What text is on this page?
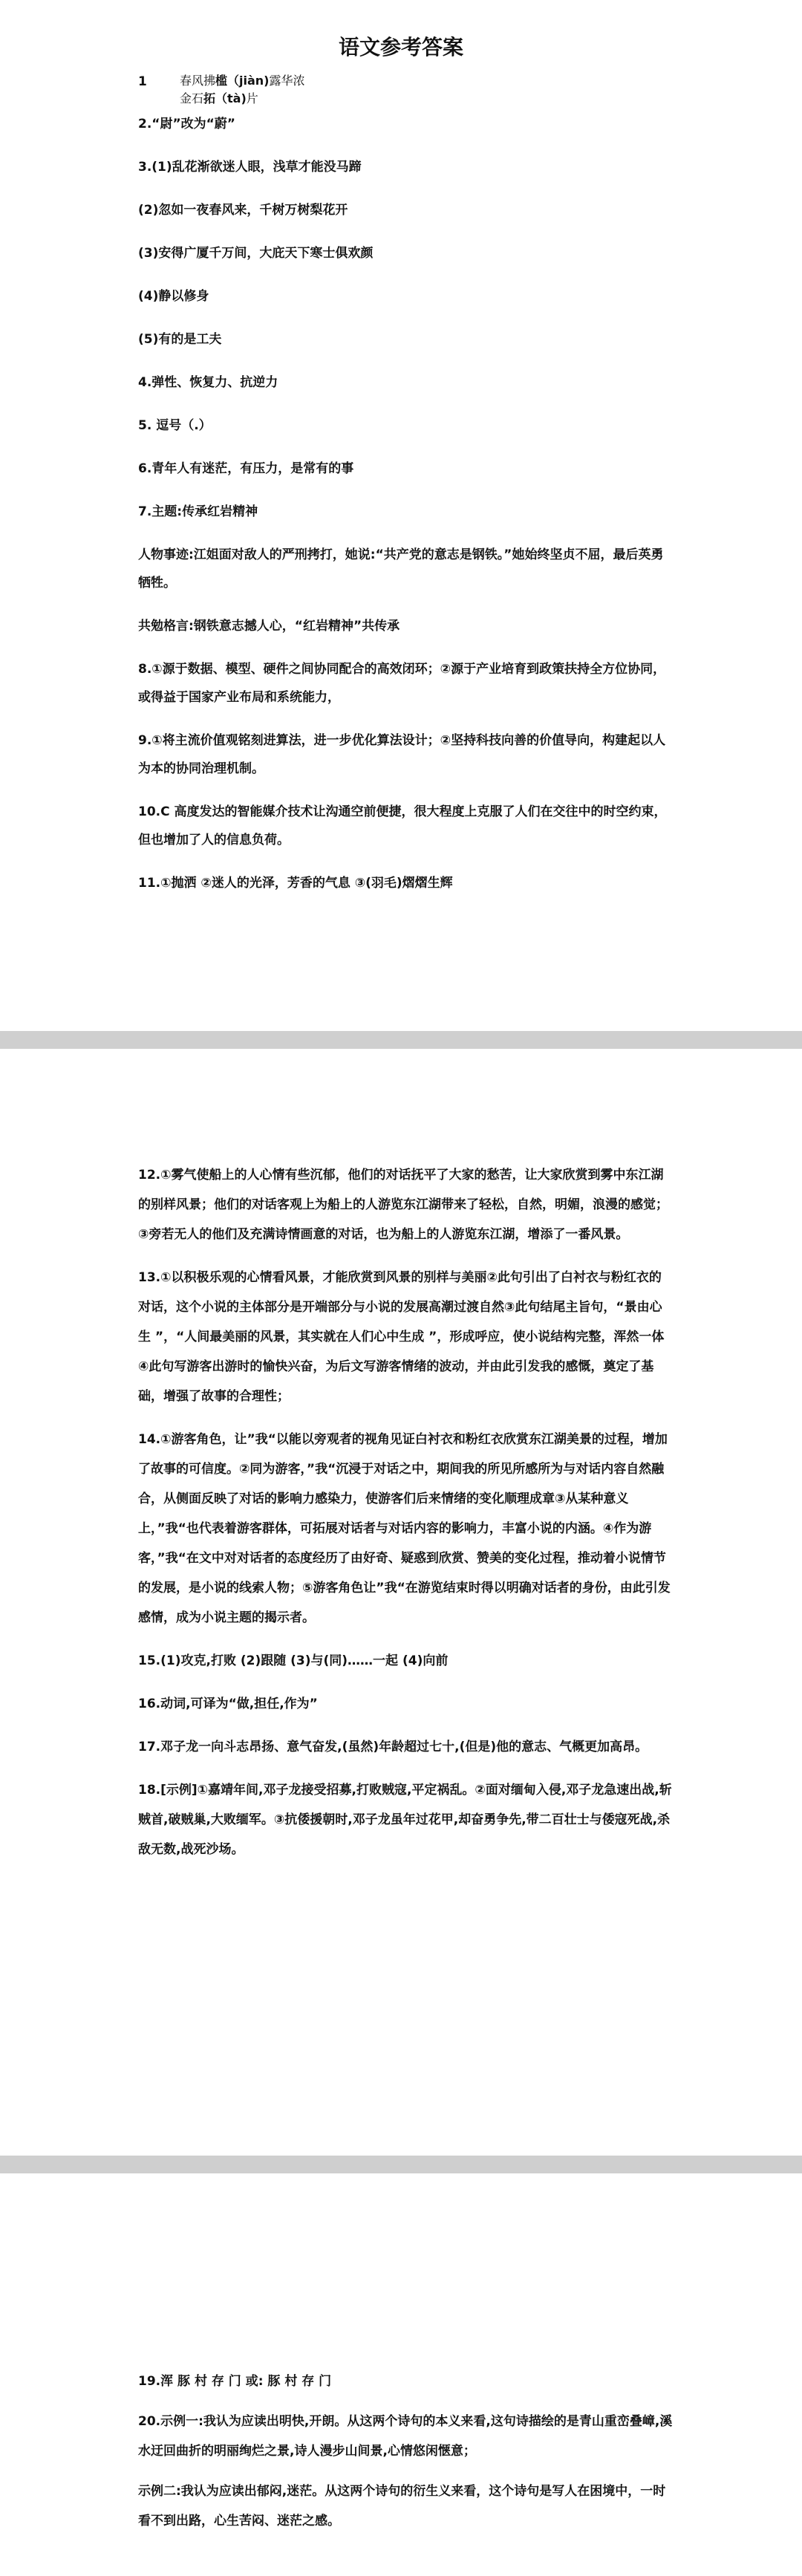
语文参考答案
1	春风拂槛（jiàn)露华浓
金石拓（tà)片

2.“尉”改为“蔚”

3.(1)乱花渐欲迷人眼，浅草才能没马蹄

(2)忽如一夜春风来，千树万树梨花开

(3)安得广厦千万间，大庇天下寒士俱欢颜

(4)静以修身

(5)有的是工夫

4.弹性、恢复力、抗逆力

5. 逗号（.）

6.青年人有迷茫，有压力，是常有的事

7.主题:传承红岩精神

人物事迹:江姐面对敌人的严刑拷打，她说:“共产党的意志是钢铁。”她始终坚贞不屈，最后英勇牺牲。

共勉格言:钢铁意志撼人心，“红岩精神”共传承

8.①源于数据、模型、硬件之间协同配合的高效闭环；②源于产业培育到政策扶持全方位协同，或得益于国家产业布局和系统能力，

9.①将主流价值观铭刻进算法，进一步优化算法设计；②坚持科技向善的价值导向，构建起以人为本的协同治理机制。

10.C 高度发达的智能媒介技术让沟通空前便捷，很大程度上克服了人们在交往中的时空约束，但也增加了人的信息负荷。

11.①抛洒 ②迷人的光泽，芳香的气息 ③(羽毛)熠熠生辉

12.①雾气使船上的人心情有些沉郁，他们的对话抚平了大家的愁苦，让大家欣赏到雾中东江湖的别样风景；他们的对话客观上为船上的人游览东江湖带来了轻松，自然，明媚，浪漫的感觉；③旁若无人的他们及充满诗情画意的对话，也为船上的人游览东江湖，增添了一番风景。

13.①以积极乐观的心情看风景，才能欣赏到风景的别样与美丽②此句引出了白衬衣与粉红衣的对话，这个小说的主体部分是开端部分与小说的发展高潮过渡自然③此句结尾主旨句，“景由心生 ”，“人间最美丽的风景，其实就在人们心中生成 ”，形成呼应，使小说结构完整，浑然一体④此句写游客出游时的愉快兴奋，为后文写游客情绪的波动，并由此引发我的感慨，奠定了基础，增强了故事的合理性；

14.①游客角色，让”我“以能以旁观者的视角见证白衬衣和粉红衣欣赏东江湖美景的过程，增加了故事的可信度。②同为游客，”我“沉浸于对话之中，期间我的所见所感所为与对话内容自然融合，从侧面反映了对话的影响力感染力，使游客们后来情绪的变化顺理成章③从某种意义上，”我“也代表着游客群体，可拓展对话者与对话内容的影响力，丰富小说的内涵。④作为游客，”我“在文中对对话者的态度经历了由好奇、疑惑到欣赏、赞美的变化过程，推动着小说情节的发展，是小说的线索人物；⑤游客角色让”我“在游览结束时得以明确对话者的身份，由此引发感情，成为小说主题的揭示者。

15.(1)攻克,打败 (2)跟随 (3)与(同)……一起 (4)向前

16.动词,可译为“做,担任,作为”

17.邓子龙一向斗志昂扬、意气奋发,(虽然)年龄超过七十,(但是)他的意志、气概更加高昂。

18.[示例]①嘉靖年间,邓子龙接受招募,打败贼寇,平定祸乱。②面对缅甸入侵,邓子龙急速出战,斩贼首,破贼巢,大败缅军。③抗倭援朝时,邓子龙虽年过花甲,却奋勇争先,带二百壮士与倭寇死战,杀敌无数,战死沙场。

19.浑 豚 村 存 门 或: 豚 村 存 门

20.示例一:我认为应读出明快,开朗。从这两个诗句的本义来看,这句诗描绘的是青山重峦叠嶂,溪水迂回曲折的明丽绚烂之景,诗人漫步山间景,心情悠闲惬意；

示例二:我认为应读出郁闷,迷茫。从这两个诗句的衍生义来看，这个诗句是写人在困境中，一时看不到出路，心生苦闷、迷茫之感。
